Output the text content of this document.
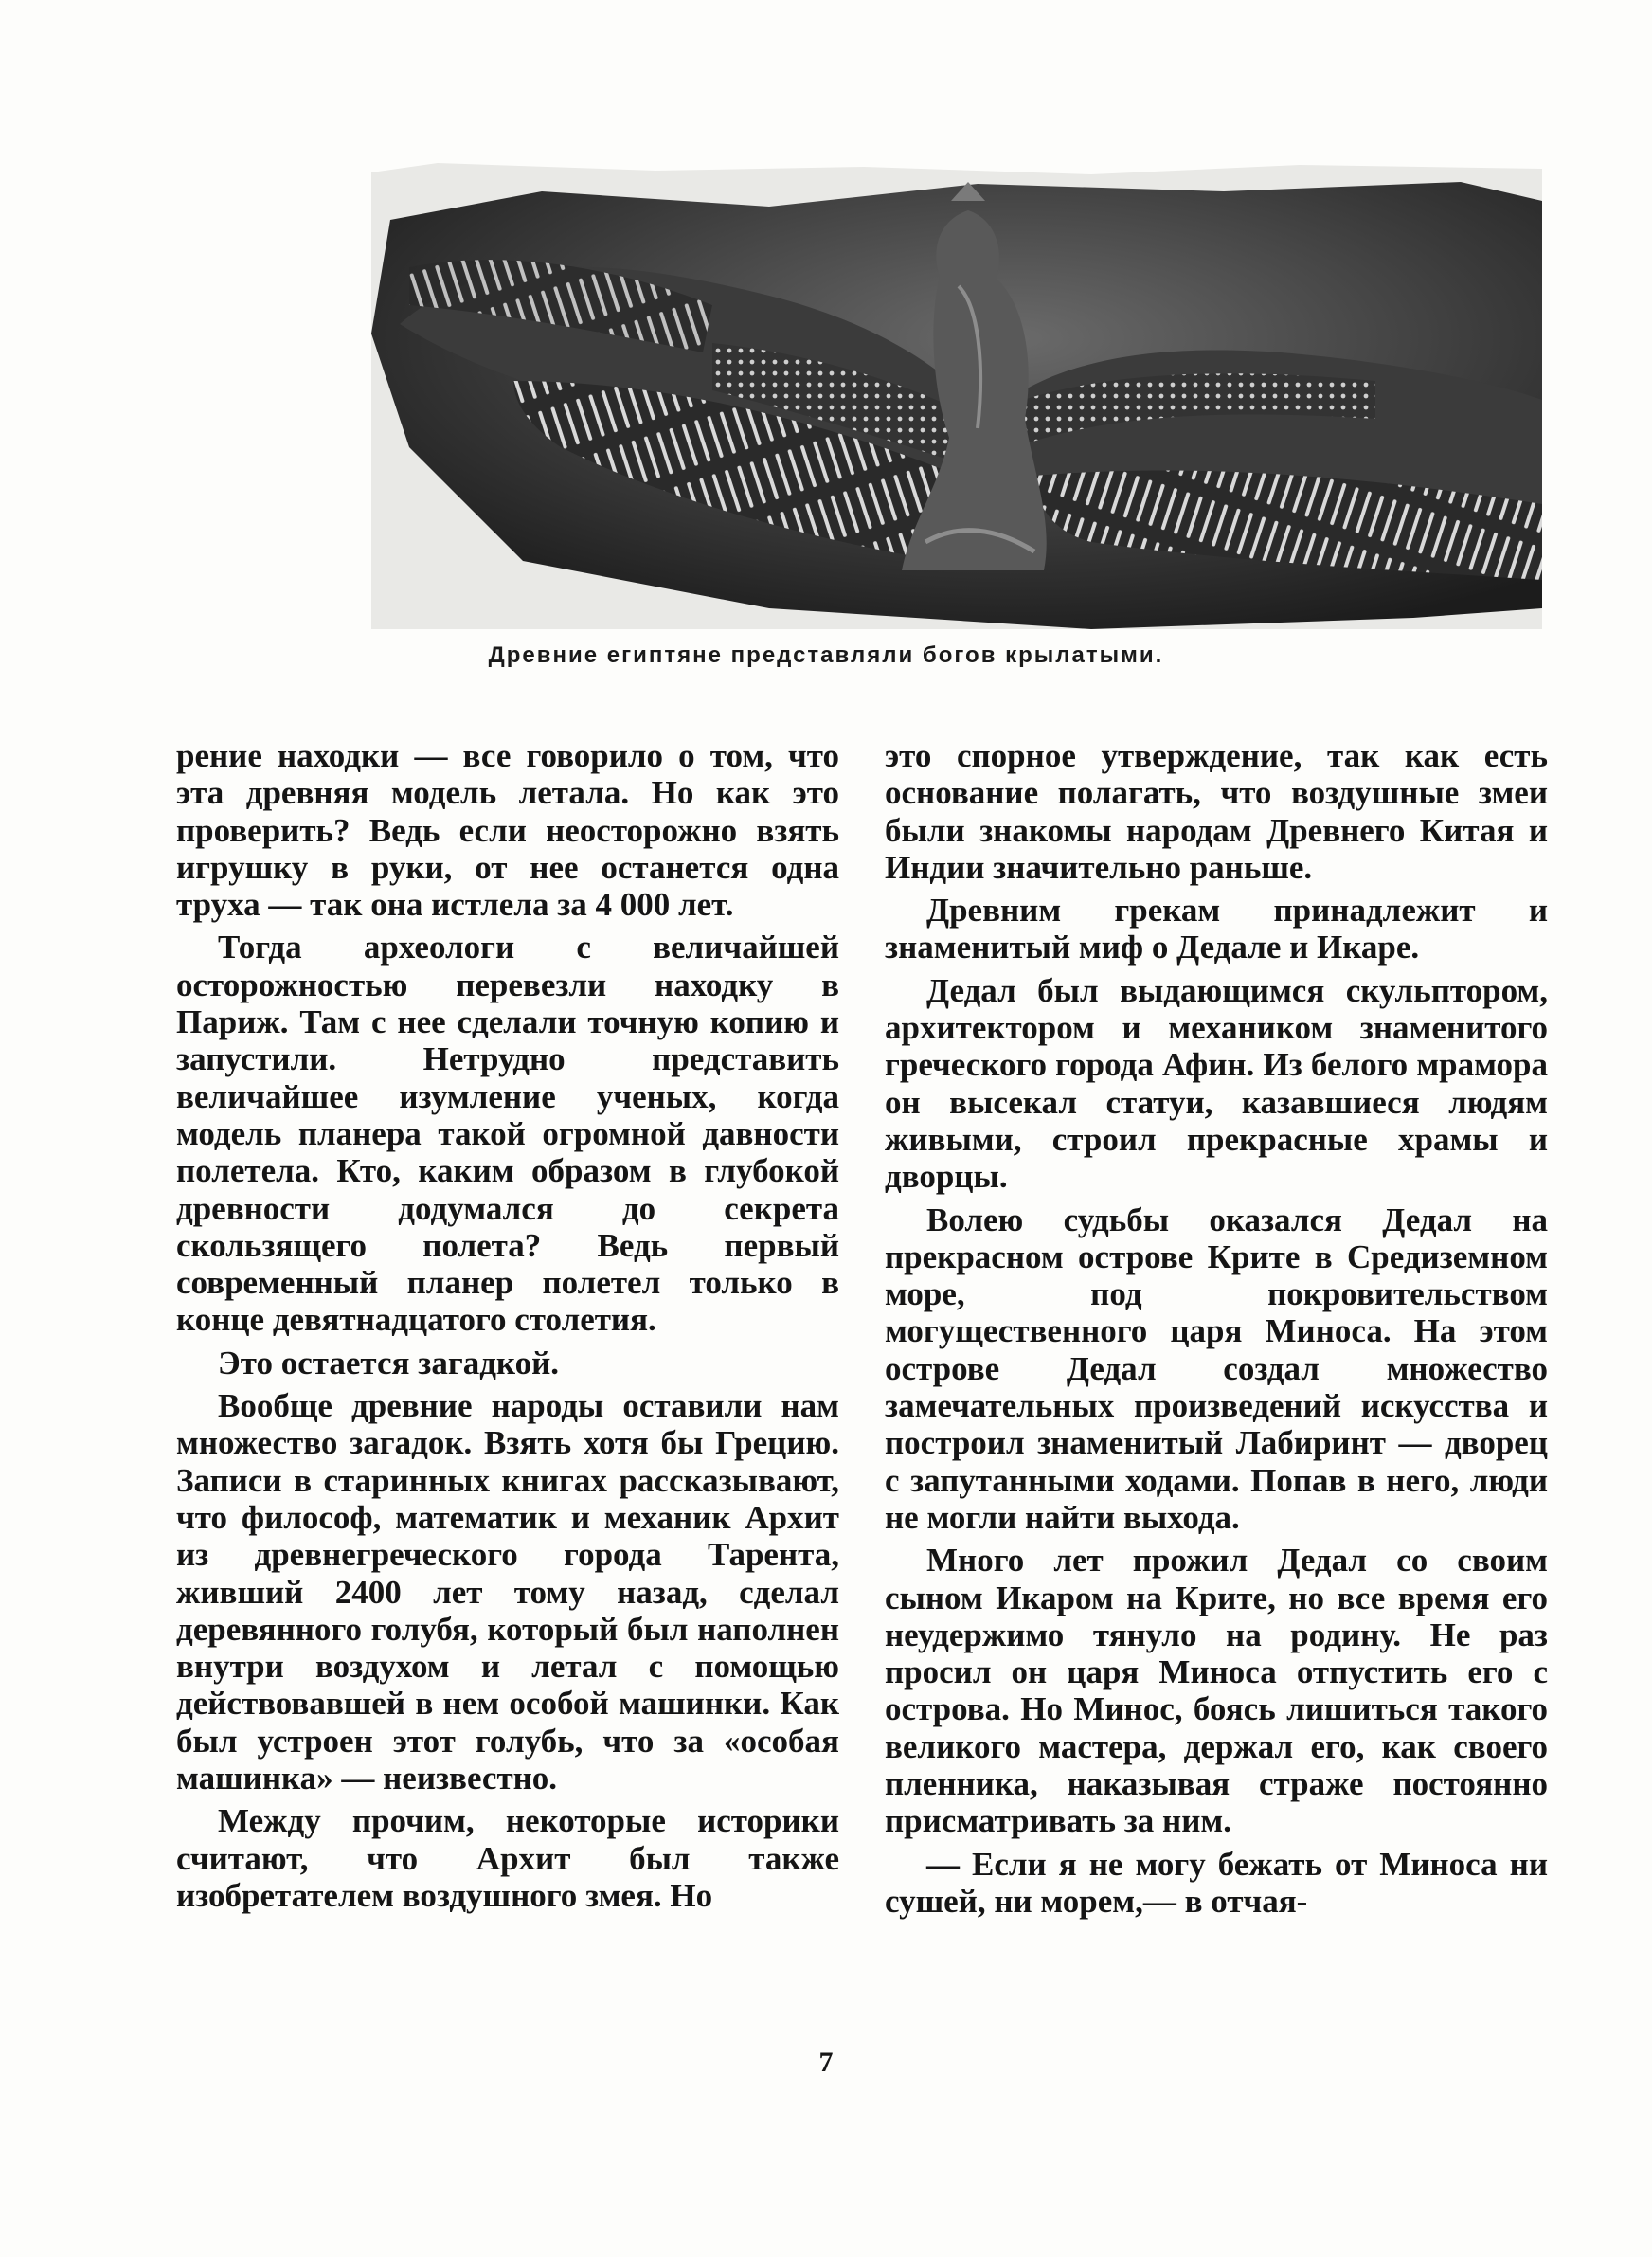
Древние египтяне представляли богов крылатыми.

рение находки — все говорило о том, что эта древняя модель летала. Но как это проверить? Ведь если неосторожно взять игрушку в руки, от нее останется одна труха — так она истлела за 4 000 лет.

Тогда археологи с величайшей осторожностью перевезли находку в Париж. Там с нее сделали точную копию и запустили. Нетрудно представить величайшее изумление ученых, когда модель планера такой огромной давности полетела. Кто, каким образом в глубокой древности додумался до секрета скользящего полета? Ведь первый современный планер полетел только в конце девятнадцатого столетия.

Это остается загадкой.

Вообще древние народы оставили нам множество загадок. Взять хотя бы Грецию. Записи в старинных книгах рассказывают, что философ, математик и механик Архит из древнегреческого города Тарента, живший 2400 лет тому назад, сделал деревянного голубя, который был наполнен внутри воздухом и летал с помощью действовавшей в нем особой машинки. Как был устроен этот голубь, что за «особая машинка» — неизвестно.

Между прочим, некоторые историки считают, что Архит был также изобретателем воздушного змея. Но

это спорное утверждение, так как есть основание полагать, что воздушные змеи были знакомы народам Древнего Китая и Индии значительно раньше.

Древним грекам принадлежит и знаменитый миф о Дедале и Икаре.

Дедал был выдающимся скульптором, архитектором и механиком знаменитого греческого города Афин. Из белого мрамора он высекал статуи, казавшиеся людям живыми, строил прекрасные храмы и дворцы.

Волею судьбы оказался Дедал на прекрасном острове Крите в Средиземном море, под покровительством могущественного царя Миноса. На этом острове Дедал создал множество замечательных произведений искусства и построил знаменитый Лабиринт — дворец с запутанными ходами. Попав в него, люди не могли найти выхода.

Много лет прожил Дедал со своим сыном Икаром на Крите, но все время его неудержимо тянуло на родину. Не раз просил он царя Миноса отпустить его с острова. Но Минос, боясь лишиться такого великого мастера, держал его, как своего пленника, наказывая страже постоянно присматривать за ним.

— Если я не могу бежать от Миноса ни сушей, ни морем,— в отчая-

7
